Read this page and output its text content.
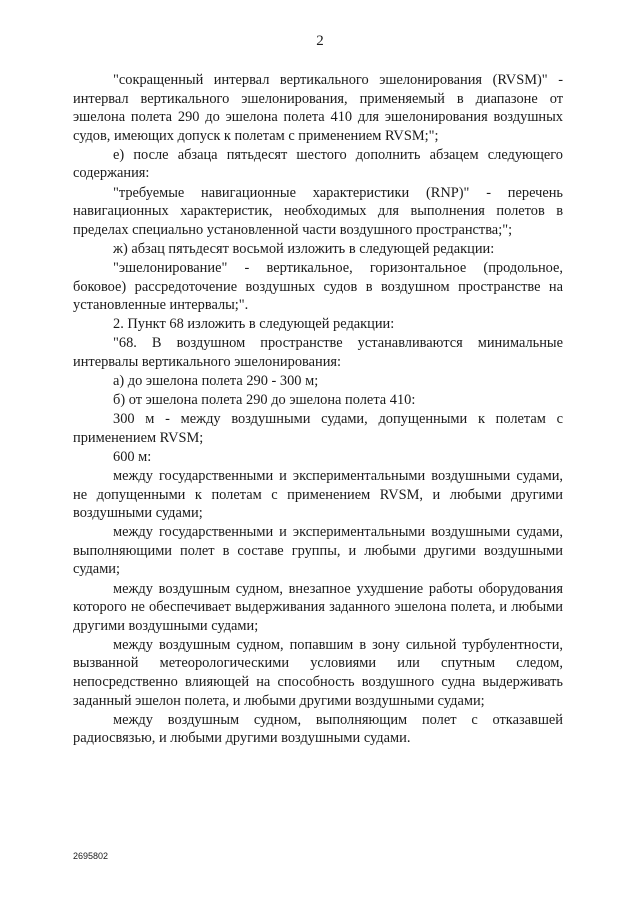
2

"сокращенный интервал вертикального эшелонирования (RVSM)" - интервал вертикального эшелонирования, применяемый в диапазоне от эшелона полета 290 до эшелона полета 410 для эшелонирования воздушных судов, имеющих допуск к полетам с применением RVSM;";

е) после абзаца пятьдесят шестого дополнить абзацем следующего содержания:

"требуемые навигационные характеристики (RNP)" - перечень навигационных характеристик, необходимых для выполнения полетов в пределах специально установленной части воздушного пространства;";

ж) абзац пятьдесят восьмой изложить в следующей редакции:

"эшелонирование" - вертикальное, горизонтальное (продольное, боковое) рассредоточение воздушных судов в воздушном пространстве на установленные интервалы;".

2. Пункт 68 изложить в следующей редакции:

"68. В воздушном пространстве устанавливаются минимальные интервалы вертикального эшелонирования:

а) до эшелона полета 290 - 300 м;

б) от эшелона полета 290 до эшелона полета 410:

300 м - между воздушными судами, допущенными к полетам с применением RVSM;

600 м:

между государственными и экспериментальными воздушными судами, не допущенными к полетам с применением RVSM, и любыми другими воздушными судами;

между государственными и экспериментальными воздушными судами, выполняющими полет в составе группы, и любыми другими воздушными судами;

между воздушным судном, внезапное ухудшение работы оборудования которого не обеспечивает выдерживания заданного эшелона полета, и любыми другими воздушными судами;

между воздушным судном, попавшим в зону сильной турбулентности, вызванной метеорологическими условиями или спутным следом, непосредственно влияющей на способность воздушного судна выдерживать заданный эшелон полета, и любыми другими воздушными судами;

между воздушным судном, выполняющим полет с отказавшей радиосвязью, и любыми другими воздушными судами.

2695802
